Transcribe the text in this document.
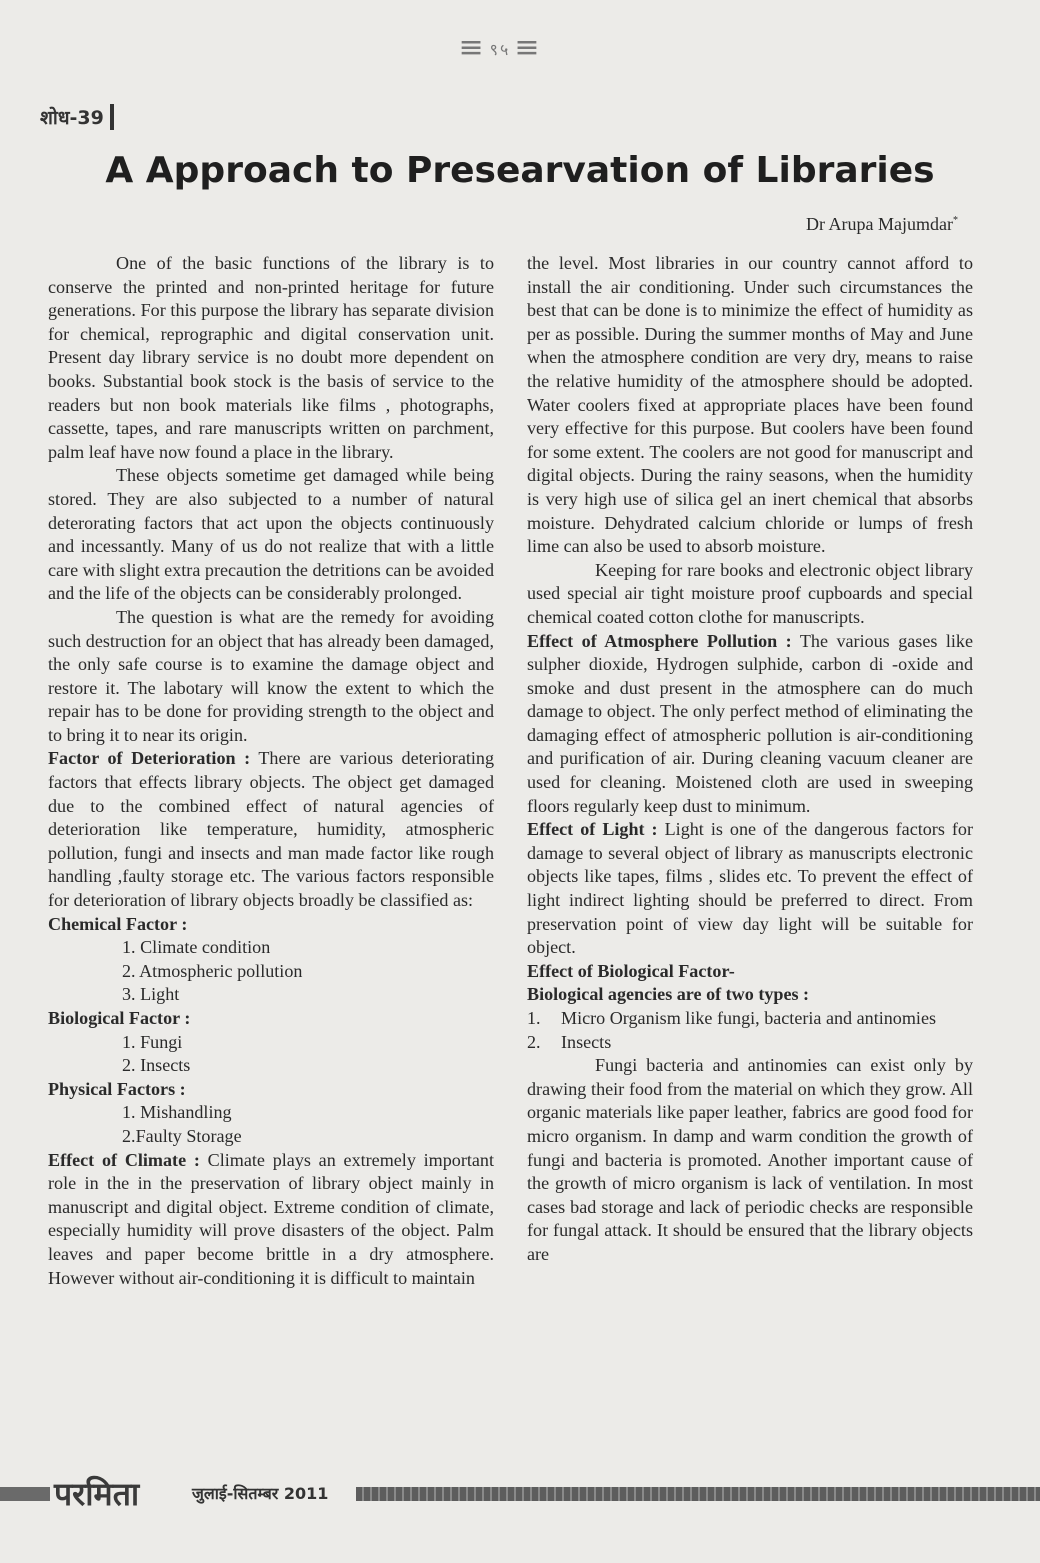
≡ ९५ ≡
शोध-39
A Approach to Presearvation of Libraries
Dr Arupa Majumdar*

One of the basic functions of the library is to conserve the printed and non-printed heritage for future generations. For this purpose the library has separate division for chemical, reprographic and digital conservation unit. Present day library service is no doubt more dependent on books. Substantial book stock is the basis of service to the readers but non book materials like films , photographs, cassette, tapes, and rare manuscripts written on parchment, palm leaf have now found a place in the library.

These objects sometime get damaged while being stored. They are also subjected to a number of natural deterorating factors that act upon the objects continuously and incessantly. Many of us do not realize that with a little care with slight extra precaution the detritions can be avoided and the life of the objects can be considerably prolonged.

The question is what are the remedy for avoiding such destruction for an object that has already been damaged, the only safe course is to examine the damage object and restore it. The labotary will know the extent to which the repair has to be done for providing strength to the object and to bring it to near its origin.

Factor of Deterioration : There are various deteriorating factors that effects library objects. The object get damaged due to the combined effect of natural agencies of deterioration like temperature, humidity, atmospheric pollution, fungi and insects and man made factor like rough handling ,faulty storage etc. The various factors responsible for deterioration of library objects broadly be classified as:

Chemical Factor :

1. Climate condition
2. Atmospheric pollution
3. Light

Biological Factor :

1. Fungi
2. Insects

Physical Factors :

1. Mishandling
2.Faulty Storage

Effect of Climate : Climate plays an extremely important role in the in the preservation of library object mainly in manuscript and digital object. Extreme condition of climate, especially humidity will prove disasters of the object. Palm leaves and paper become brittle in a dry atmosphere. However without air-conditioning it is difficult to maintain

the level. Most libraries in our country cannot afford to install the air conditioning. Under such circumstances the best that can be done is to minimize the effect of humidity as per as possible. During the summer months of May and June when the atmosphere condition are very dry, means to raise the relative humidity of the atmosphere should be adopted. Water coolers fixed at appropriate places have been found very effective for this purpose. But coolers have been found for some extent. The coolers are not good for manuscript and digital objects. During the rainy seasons, when the humidity is very high use of silica gel an inert chemical that absorbs moisture. Dehydrated calcium chloride or lumps of fresh lime can also be used to absorb moisture.

Keeping for rare books and electronic object library used special air tight moisture proof cupboards and special chemical coated cotton clothe for manuscripts.

Effect of Atmosphere Pollution : The various gases like sulpher dioxide, Hydrogen sulphide, carbon di -oxide and smoke and dust present in the atmosphere can do much damage to object. The only perfect method of eliminating the damaging effect of atmospheric pollution is air-conditioning and purification of air. During cleaning vacuum cleaner are used for cleaning. Moistened cloth are used in sweeping floors regularly keep dust to minimum.

Effect of Light : Light is one of the dangerous factors for damage to several object of library as manuscripts electronic objects like tapes, films , slides etc. To prevent the effect of light indirect lighting should be preferred to direct. From preservation point of view day light will be suitable for object.

Effect of Biological Factor-

Biological agencies are of two types :

1. Micro Organism like fungi, bacteria and antinomies
2. Insects

Fungi bacteria and antinomies can exist only by drawing their food from the material on which they grow. All organic materials like paper leather, fabrics are good food for micro organism. In damp and warm condition the growth of fungi and bacteria is promoted. Another important cause of the growth of micro organism is lack of ventilation. In most cases bad storage and lack of periodic checks are responsible for fungal attack. It should be ensured that the library objects are

परमिता	जुलाई-सितम्बर 2011
